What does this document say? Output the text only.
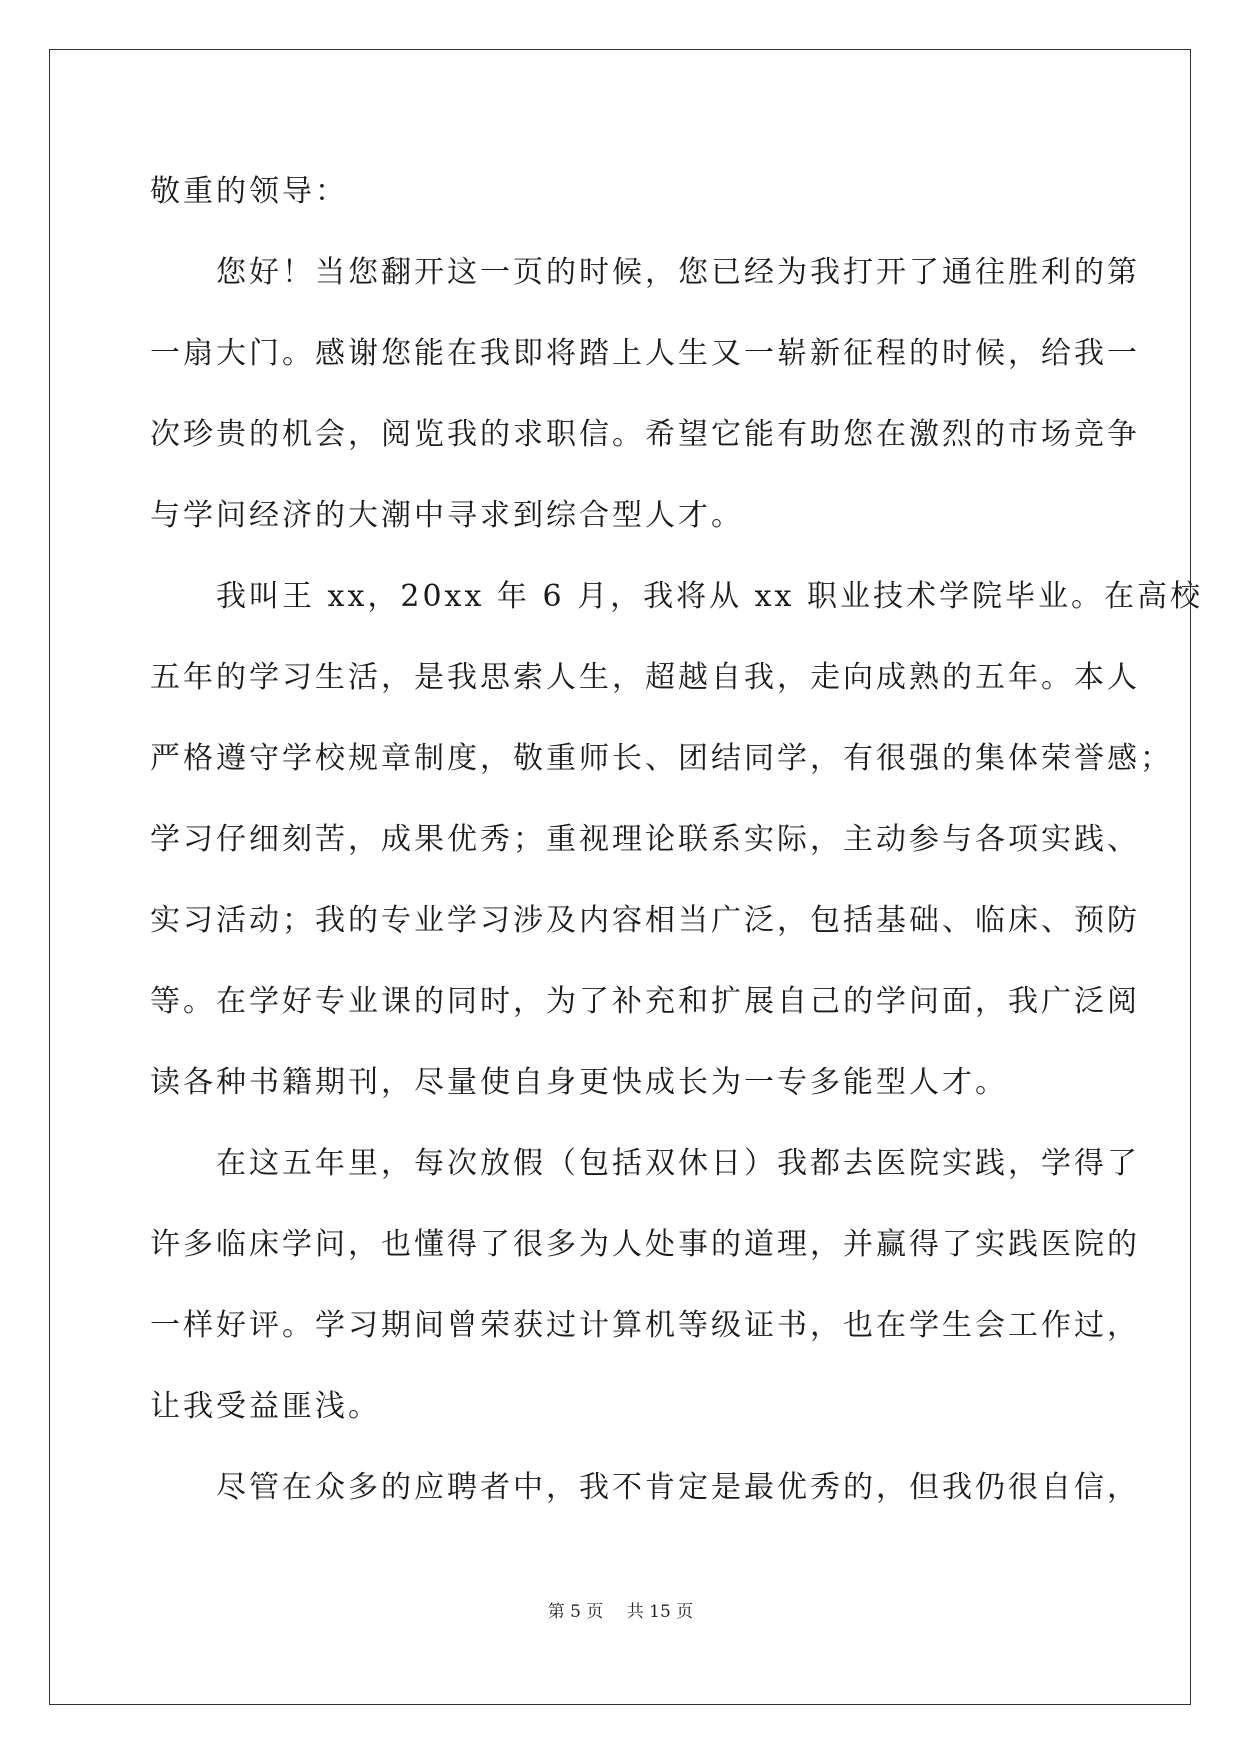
敬重的领导：
您好！当您翻开这一页的时候，您已经为我打开了通往胜利的第
一扇大门。感谢您能在我即将踏上人生又一崭新征程的时候，给我一
次珍贵的机会，阅览我的求职信。希望它能有助您在激烈的市场竞争
与学问经济的大潮中寻求到综合型人才。
我叫王 xx，20xx 年 6 月，我将从 xx 职业技术学院毕业。在高校
五年的学习生活，是我思索人生，超越自我，走向成熟的五年。本人
严格遵守学校规章制度，敬重师长、团结同学，有很强的集体荣誉感；
学习仔细刻苦，成果优秀；重视理论联系实际，主动参与各项实践、
实习活动；我的专业学习涉及内容相当广泛，包括基础、临床、预防
等。在学好专业课的同时，为了补充和扩展自己的学问面，我广泛阅
读各种书籍期刊，尽量使自身更快成长为一专多能型人才。
在这五年里，每次放假（包括双休日）我都去医院实践，学得了
许多临床学问，也懂得了很多为人处事的道理，并赢得了实践医院的
一样好评。学习期间曾荣获过计算机等级证书，也在学生会工作过，
让我受益匪浅。
尽管在众多的应聘者中，我不肯定是最优秀的，但我仍很自信，
第 5 页 共 15 页
